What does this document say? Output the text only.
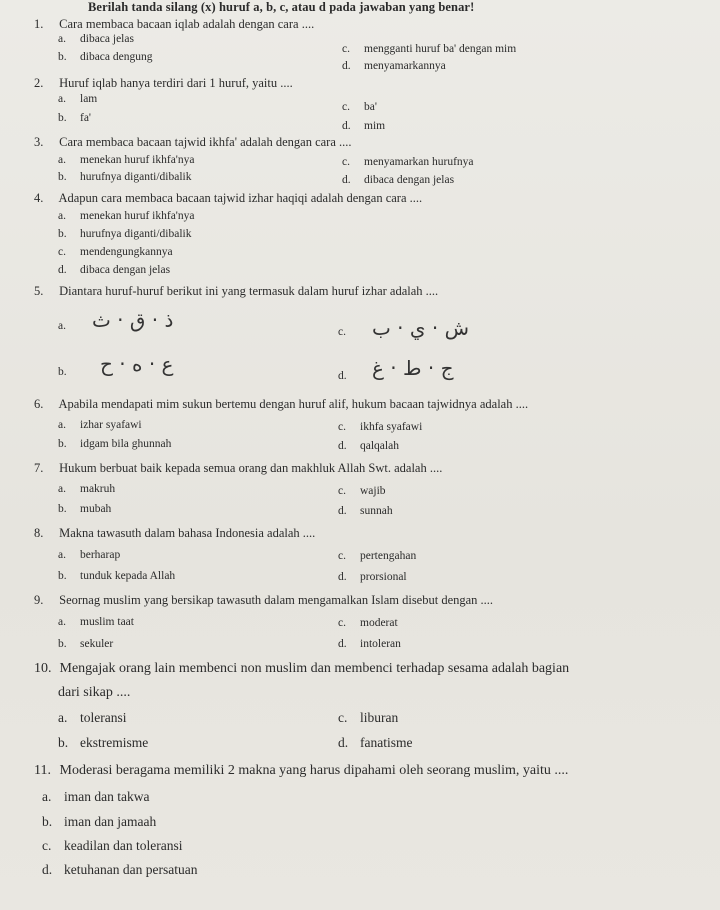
Berilah tanda silang (x) huruf a, b, c, atau d pada jawaban yang benar!
1. Cara membaca bacaan iqlab adalah dengan cara ....
a. dibaca jelas
b. dibaca dengung
c. mengganti huruf ba' dengan mim
d. menyamarkannya
2. Huruf iqlab hanya terdiri dari 1 huruf, yaitu ....
a. lam
b. fa'
c. ba'
d. mim
3. Cara membaca bacaan tajwid ikhfa' adalah dengan cara ....
a. menekan huruf ikhfa'nya
b. hurufnya diganti/dibalik
c. menyamarkan hurufnya
d. dibaca dengan jelas
4. Adapun cara membaca bacaan tajwid izhar haqiqi adalah dengan cara ....
a. menekan huruf ikhfa'nya
b. hurufnya diganti/dibalik
c. mendengungkannya
d. dibaca dengan jelas
5. Diantara huruf-huruf berikut ini yang termasuk dalam huruf izhar adalah ....
a.	ذ · ق · ث	c.	ش · ي · ب
b.	ع · ه · ح	d.	ج · ط · غ
6. Apabila mendapati mim sukun bertemu dengan huruf alif, hukum bacaan tajwidnya adalah ....
a. izhar syafawi
b. idgam bila ghunnah
c. ikhfa syafawi
d. qalqalah
7. Hukum berbuat baik kepada semua orang dan makhluk Allah Swt. adalah ....
a. makruh
b. mubah
c. wajib
d. sunnah
8. Makna tawasuth dalam bahasa Indonesia adalah ....
a. berharap
b. tunduk kepada Allah
c. pertengahan
d. prorsional
9. Seornag muslim yang bersikap tawasuth dalam mengamalkan Islam disebut dengan ....
a. muslim taat
b. sekuler
c. moderat
d. intoleran
10. Mengajak orang lain membenci non muslim dan membenci terhadap sesama adalah bagian
dari sikap ....
a. toleransi
b. ekstremisme
c. liburan
d. fanatisme
11. Moderasi beragama memiliki 2 makna yang harus dipahami oleh seorang muslim, yaitu ....
a. iman dan takwa
b. iman dan jamaah
c. keadilan dan toleransi
d. ketuhanan dan persatuan
